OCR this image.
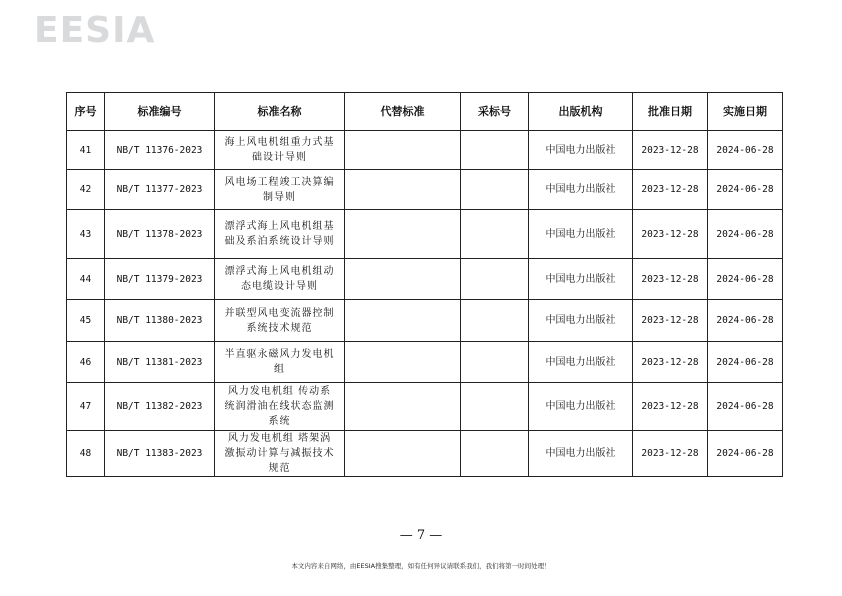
EESIA
序号	标准编号	标准名称	代替标准	采标号	出版机构	批准日期	实施日期
41	NB/T 11376-2023	海上风电机组重力式基础设计导则			中国电力出版社	2023-12-28	2024-06-28
42	NB/T 11377-2023	风电场工程竣工决算编制导则			中国电力出版社	2023-12-28	2024-06-28
43	NB/T 11378-2023	漂浮式海上风电机组基础及系泊系统设计导则			中国电力出版社	2023-12-28	2024-06-28
44	NB/T 11379-2023	漂浮式海上风电机组动态电缆设计导则			中国电力出版社	2023-12-28	2024-06-28
45	NB/T 11380-2023	并联型风电变流器控制系统技术规范			中国电力出版社	2023-12-28	2024-06-28
46	NB/T 11381-2023	半直驱永磁风力发电机组			中国电力出版社	2023-12-28	2024-06-28
47	NB/T 11382-2023	风力发电机组 传动系统润滑油在线状态监测系统			中国电力出版社	2023-12-28	2024-06-28
48	NB/T 11383-2023	风力发电机组 塔架涡激振动计算与减振技术规范			中国电力出版社	2023-12-28	2024-06-28
— 7 —
本文内容来自网络，由EESIA搜集整理，如有任何异议请联系我们，我们将第一时间处理！
